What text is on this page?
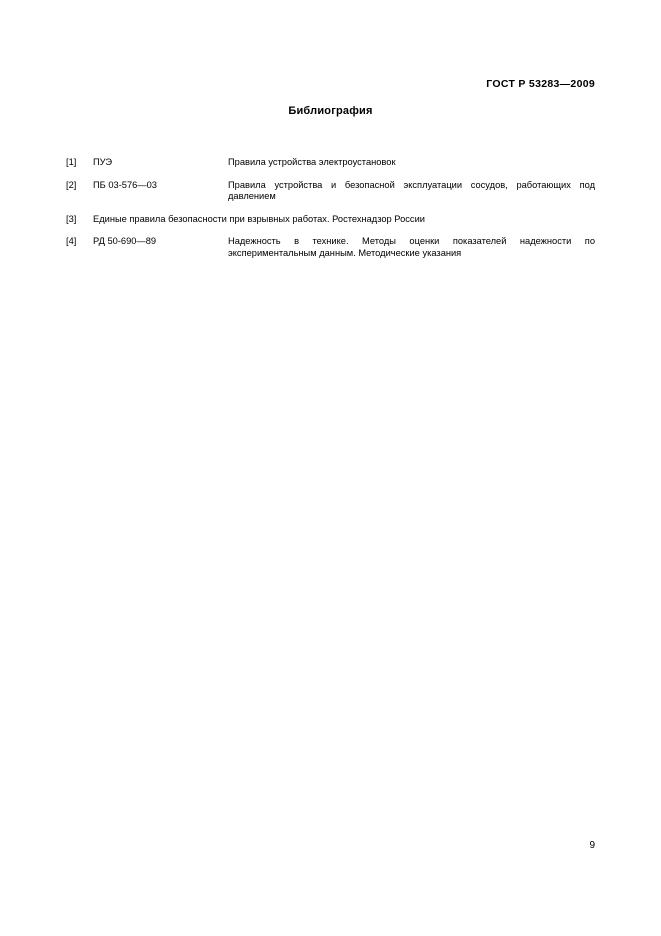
ГОСТ Р 53283—2009
Библиография
[1]	ПУЭ	Правила устройства электроустановок
[2]	ПБ 03-576—03	Правила устройства и безопасной эксплуатации сосудов, работающих под давлением
[3]	Единые правила безопасности при взрывных работах. Ростехнадзор России
[4]	РД 50-690—89	Надежность в технике. Методы оценки показателей надежности по экспериментальным данным. Методические указания
9
